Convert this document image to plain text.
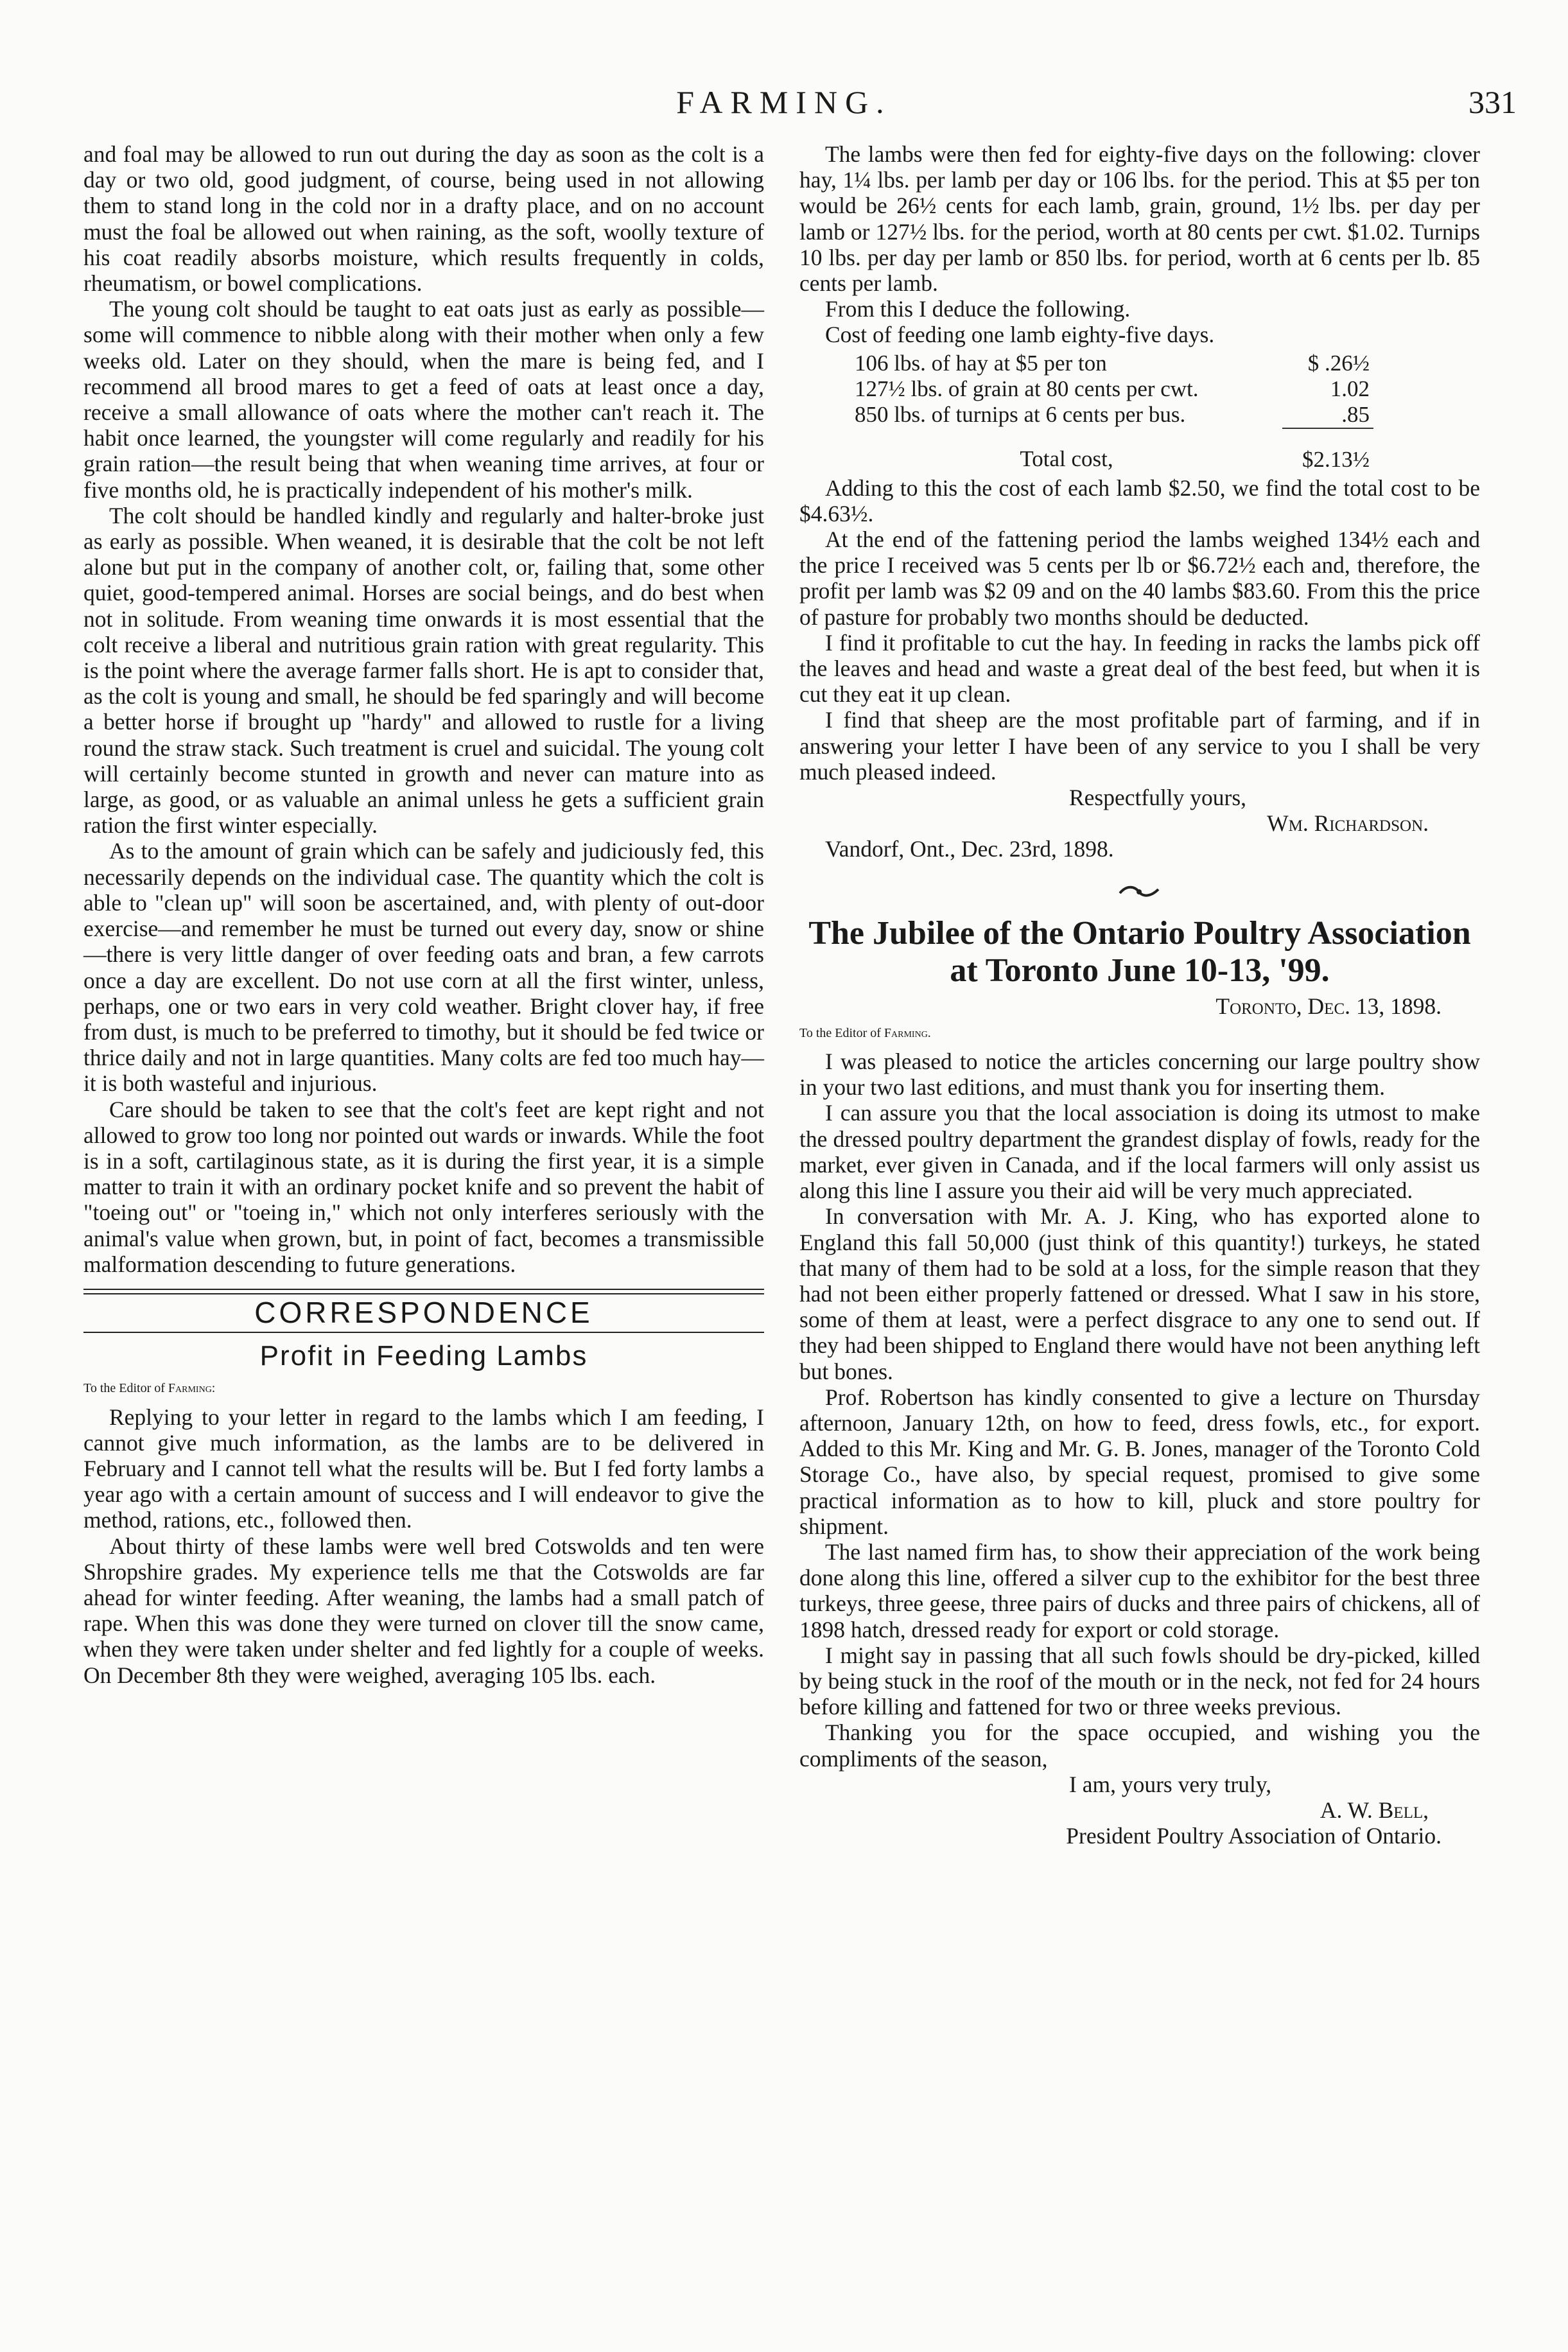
FARMING.	331

and foal may be allowed to run out during the day as soon as the colt is a day or two old, good judgment, of course, being used in not allowing them to stand long in the cold nor in a drafty place, and on no account must the foal be allowed out when raining, as the soft, woolly texture of his coat readily absorbs moisture, which results frequently in colds, rheumatism, or bowel complications.

The young colt should be taught to eat oats just as early as possible—some will commence to nibble along with their mother when only a few weeks old. Later on they should, when the mare is being fed, and I recommend all brood mares to get a feed of oats at least once a day, receive a small allowance of oats where the mother can't reach it. The habit once learned, the youngster will come regularly and readily for his grain ration—the result being that when weaning time arrives, at four or five months old, he is practically independent of his mother's milk.

The colt should be handled kindly and regularly and halter-broke just as early as possible. When weaned, it is desirable that the colt be not left alone but put in the company of another colt, or, failing that, some other quiet, good-tempered animal. Horses are social beings, and do best when not in solitude. From weaning time onwards it is most essential that the colt receive a liberal and nutritious grain ration with great regularity. This is the point where the average farmer falls short. He is apt to consider that, as the colt is young and small, he should be fed sparingly and will become a better horse if brought up "hardy" and allowed to rustle for a living round the straw stack. Such treatment is cruel and suicidal. The young colt will certainly become stunted in growth and never can mature into as large, as good, or as valuable an animal unless he gets a sufficient grain ration the first winter especially.

As to the amount of grain which can be safely and judiciously fed, this necessarily depends on the individual case. The quantity which the colt is able to "clean up" will soon be ascertained, and, with plenty of out-door exercise—and remember he must be turned out every day, snow or shine—there is very little danger of over feeding oats and bran, a few carrots once a day are excellent. Do not use corn at all the first winter, unless, perhaps, one or two ears in very cold weather. Bright clover hay, if free from dust, is much to be preferred to timothy, but it should be fed twice or thrice daily and not in large quantities. Many colts are fed too much hay—it is both wasteful and injurious.

Care should be taken to see that the colt's feet are kept right and not allowed to grow too long nor pointed out wards or inwards. While the foot is in a soft, cartilaginous state, as it is during the first year, it is a simple matter to train it with an ordinary pocket knife and so prevent the habit of "toeing out" or "toeing in," which not only interferes seriously with the animal's value when grown, but, in point of fact, becomes a transmissible malformation descending to future generations.

CORRESPONDENCE
Profit in Feeding Lambs

To the Editor of Farming:

Replying to your letter in regard to the lambs which I am feeding, I cannot give much information, as the lambs are to be delivered in February and I cannot tell what the results will be. But I fed forty lambs a year ago with a certain amount of success and I will endeavor to give the method, rations, etc., followed then.

About thirty of these lambs were well bred Cotswolds and ten were Shropshire grades. My experience tells me that the Cotswolds are far ahead for winter feeding. After weaning, the lambs had a small patch of rape. When this was done they were turned on clover till the snow came, when they were taken under shelter and fed lightly for a couple of weeks. On December 8th they were weighed, averaging 105 lbs. each.

The lambs were then fed for eighty-five days on the following: clover hay, 1¼ lbs. per lamb per day or 106 lbs. for the period. This at $5 per ton would be 26½ cents for each lamb, grain, ground, 1½ lbs. per day per lamb or 127½ lbs. for the period, worth at 80 cents per cwt. $1.02. Turnips 10 lbs. per day per lamb or 850 lbs. for period, worth at 6 cents per lb. 85 cents per lamb.

From this I deduce the following.

Cost of feeding one lamb eighty-five days.

106 lbs. of hay at $5 per ton	$ .26½
127½ lbs. of grain at 80 cents per cwt.	1.02
850 lbs. of turnips at 6 cents per bus.	.85
Total cost,	$2.13½

Adding to this the cost of each lamb $2.50, we find the total cost to be $4.63½.

At the end of the fattening period the lambs weighed 134½ each and the price I received was 5 cents per lb or $6.72½ each and, therefore, the profit per lamb was $2 09 and on the 40 lambs $83.60. From this the price of pasture for probably two months should be deducted.

I find it profitable to cut the hay. In feeding in racks the lambs pick off the leaves and head and waste a great deal of the best feed, but when it is cut they eat it up clean.

I find that sheep are the most profitable part of farming, and if in answering your letter I have been of any service to you I shall be very much pleased indeed.

Respectfully yours,

Wm. Richardson.

Vandorf, Ont., Dec. 23rd, 1898.

The Jubilee of the Ontario Poultry Association at Toronto June 10-13, '99.

Toronto, Dec. 13, 1898.

To the Editor of Farming.

I was pleased to notice the articles concerning our large poultry show in your two last editions, and must thank you for inserting them.

I can assure you that the local association is doing its utmost to make the dressed poultry department the grandest display of fowls, ready for the market, ever given in Canada, and if the local farmers will only assist us along this line I assure you their aid will be very much appreciated.

In conversation with Mr. A. J. King, who has exported alone to England this fall 50,000 (just think of this quantity!) turkeys, he stated that many of them had to be sold at a loss, for the simple reason that they had not been either properly fattened or dressed. What I saw in his store, some of them at least, were a perfect disgrace to any one to send out. If they had been shipped to England there would have not been anything left but bones.

Prof. Robertson has kindly consented to give a lecture on Thursday afternoon, January 12th, on how to feed, dress fowls, etc., for export. Added to this Mr. King and Mr. G. B. Jones, manager of the Toronto Cold Storage Co., have also, by special request, promised to give some practical information as to how to kill, pluck and store poultry for shipment.

The last named firm has, to show their appreciation of the work being done along this line, offered a silver cup to the exhibitor for the best three turkeys, three geese, three pairs of ducks and three pairs of chickens, all of 1898 hatch, dressed ready for export or cold storage.

I might say in passing that all such fowls should be dry-picked, killed by being stuck in the roof of the mouth or in the neck, not fed for 24 hours before killing and fattened for two or three weeks previous.

Thanking you for the space occupied, and wishing you the compliments of the season,

I am, yours very truly,

A. W. Bell,

President Poultry Association of Ontario.
